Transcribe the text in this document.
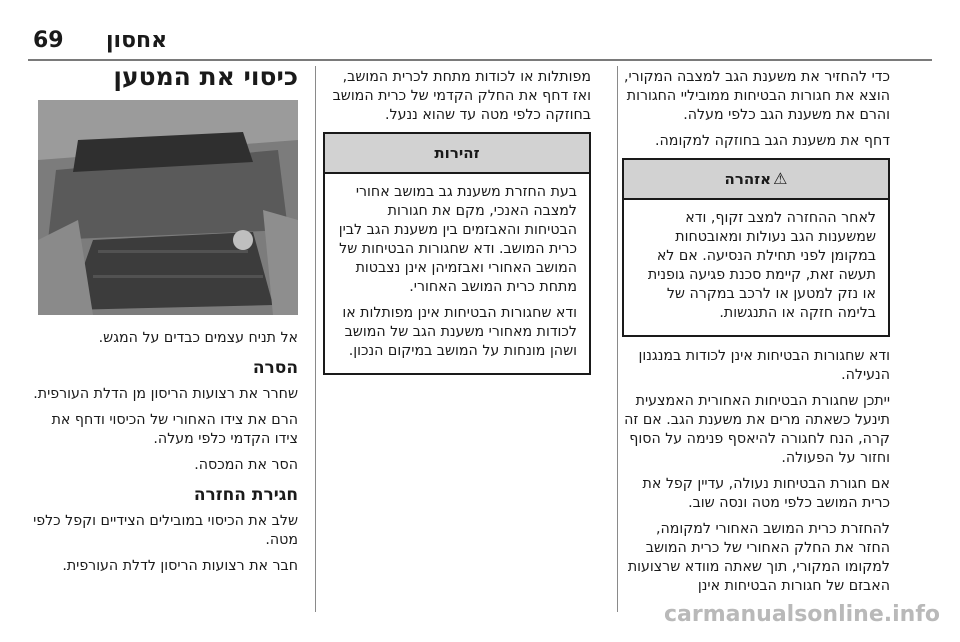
69 אחסון
כיסוי את המטען

אל תניח עצמים כבדים על המגש.

הסרה

שחרר את רצועות הריסון מן הדלת העורפית.

הרם את צידו האחורי של הכיסוי ודחף את צידו הקדמי כלפי מעלה.

הסר את המכסה.

חגירת החזרה

שלב את הכיסוי במובילים הצידיים וקפל כלפי מטה.

חבר את רצועות הריסון לדלת העורפית.

מפותלות או לכודות מתחת לכרית המושב, ואז דחף את החלק הקדמי של כרית המושב בחוזקה כלפי מטה עד שהוא ננעל.

זהירות

בעת החזרת משענת גב במושב אחורי למצבה האנכי, מקם את חגורות הבטיחות והאבזמים בין משענת הגב לבין כרית המושב. ודא שחגורות הבטיחות של המושב האחורי ואבזמיהן אינן נצבטות מתחת כרית המושב האחורי.

ודא שחגורות הבטיחות אינן מפותלות או לכודות מאחורי משענת הגב של המושב ושהן מונחות על המושב במיקום הנכון.

כדי להחזיר את משענת הגב למצבה המקורי, הוצא את חגורות הבטיחות ממוביליי החגורות והרם את משענת הגב כלפי מעלה.

דחף את משענת הגב בחוזקה למקומה.

⚠אזהרה

לאחר ההחזרה למצב זקוף, ודא שמשענות הגב נעולות ומאובטחות במקומן לפני תחילת הנסיעה. אם לא תעשה זאת, קיימת סכנת פגיעה גופנית או נזק למטען או לרכב במקרה של בלימה חזקה או התנגשות.

ודא שחגורות הבטיחות אינן לכודות במנגנון הנעילה.

ייתכן שחגורת הבטיחות האחורית האמצעית תינעל כשאתה מרים את משענת הגב. אם זה קרה, הנח לחגורה להיאסף פנימה על הסוף וחזור על הפעולה.

אם חגורת הבטיחות נעולה, עדיין קפל את כרית המושב כלפי מטה ונסה שוב.

להחזרת כרית המושב האחורי למקומה, החזר את החלק האחורי של כרית המושב למקומו המקורי, תוך שאתה מוודא שרצועות האבזם של חגורות הבטיחות אינן

carmanualsonline.info
